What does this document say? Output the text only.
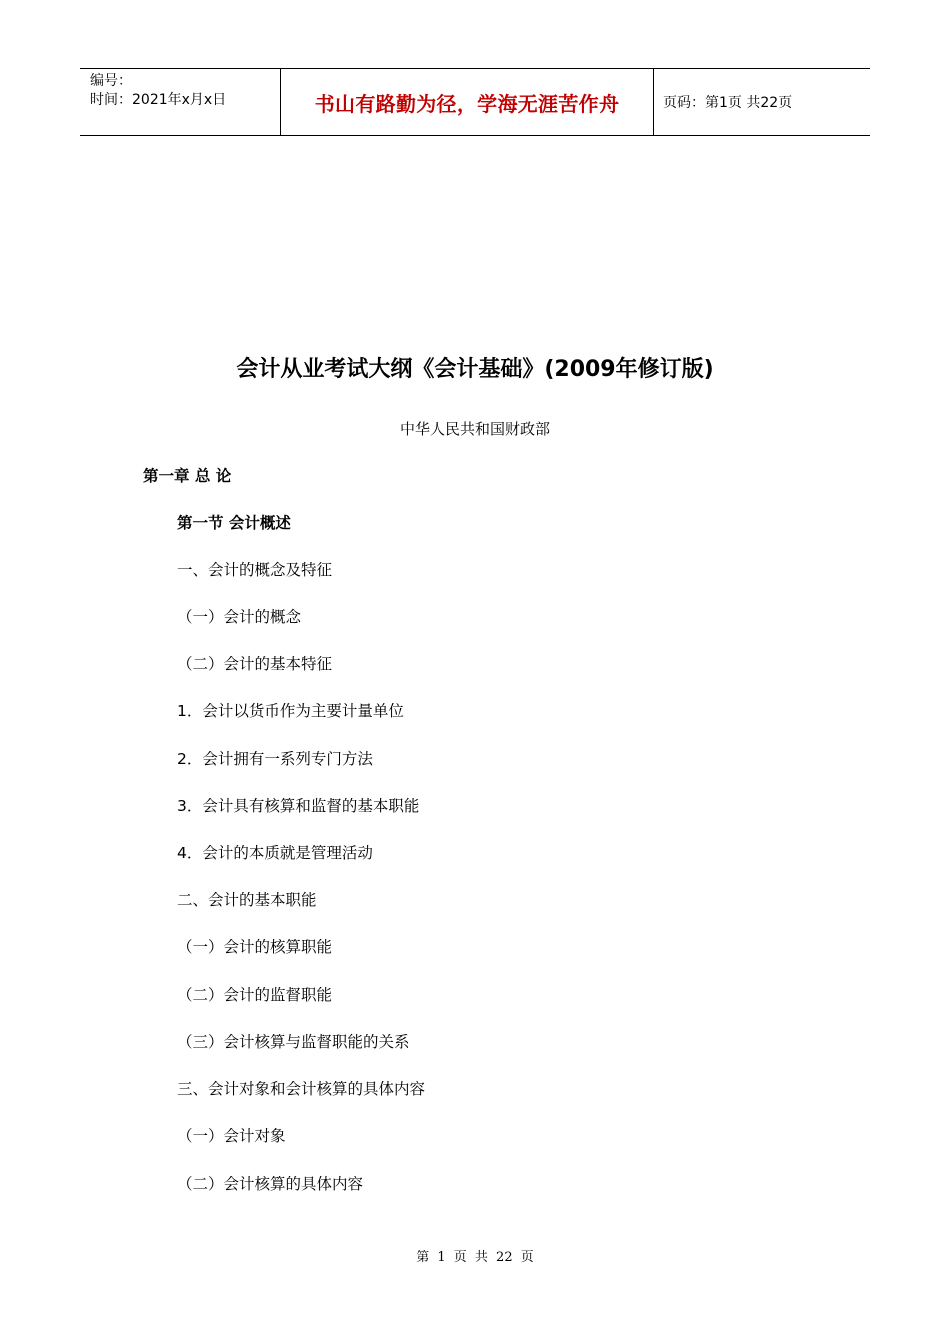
编号：
时间：2021年x月x日	书山有路勤为径，学海无涯苦作舟	页码：第1页 共22页
会计从业考试大纲《会计基础》(2009年修订版)
中华人民共和国财政部
第一章 总 论
第一节 会计概述
一、会计的概念及特征
（一）会计的概念
（二）会计的基本特征
1．会计以货币作为主要计量单位
2．会计拥有一系列专门方法
3．会计具有核算和监督的基本职能
4．会计的本质就是管理活动
二、会计的基本职能
（一）会计的核算职能
（二）会计的监督职能
（三）会计核算与监督职能的关系
三、会计对象和会计核算的具体内容
（一）会计对象
（二）会计核算的具体内容
第 1 页 共 22 页
